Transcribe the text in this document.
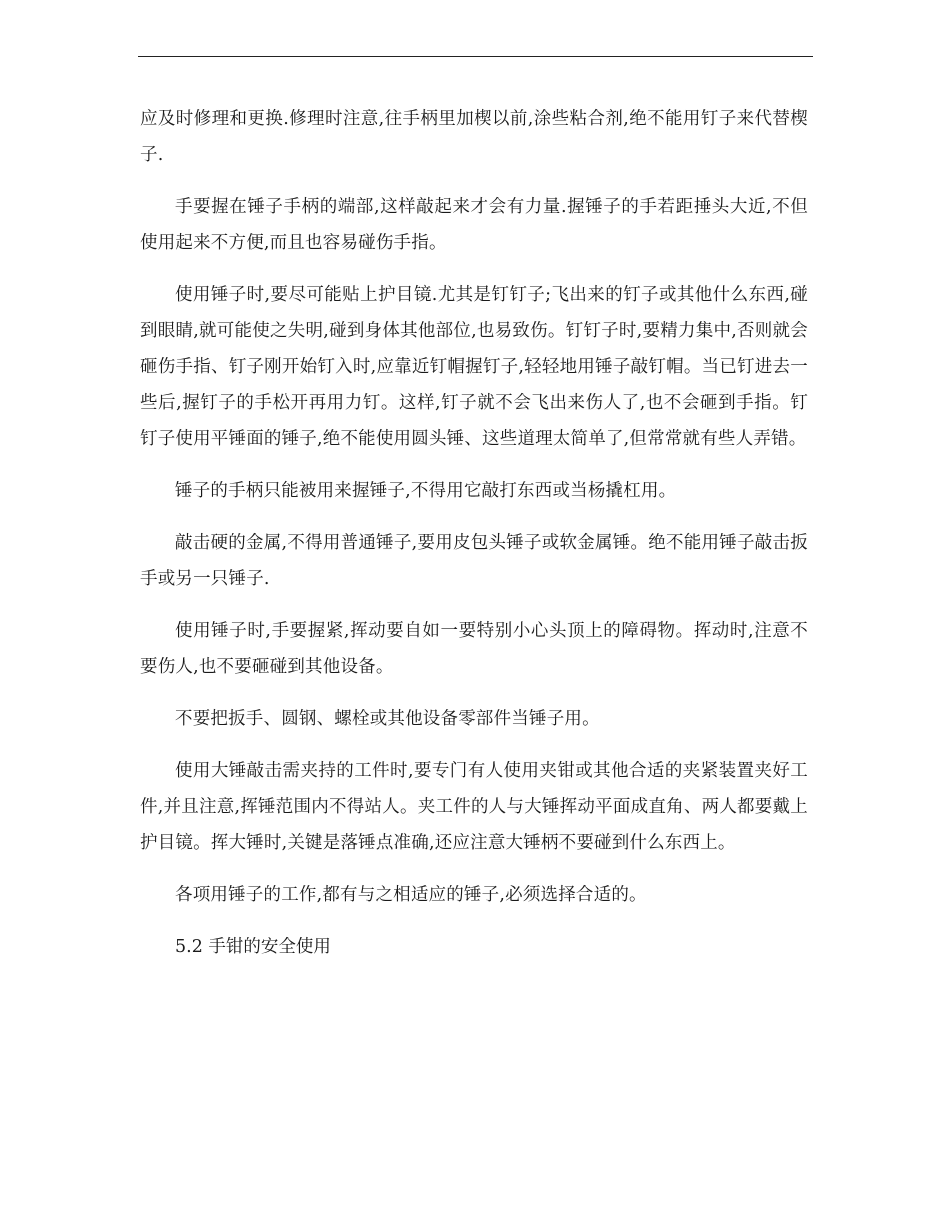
应及时修理和更换.修理时注意,往手柄里加楔以前,涂些粘合剂,绝不能用钉子来代替楔子.

手要握在锤子手柄的端部,这样敲起来才会有力量.握锤子的手若距捶头大近,不但使用起来不方便,而且也容易碰伤手指。

使用锤子时,要尽可能贴上护目镜.尤其是钉钉子;飞出来的钉子或其他什么东西,碰到眼睛,就可能使之失明,碰到身体其他部位,也易致伤。钉钉子时,要精力集中,否则就会砸伤手指、钉子刚开始钉入时,应靠近钉帽握钉子,轻轻地用锤子敲钉帽。当已钉进去一些后,握钉子的手松开再用力钉。这样,钉子就不会飞出来伤人了,也不会砸到手指。钉钉子使用平锤面的锤子,绝不能使用圆头锤、这些道理太简单了,但常常就有些人弄错。

锤子的手柄只能被用来握锤子,不得用它敲打东西或当杨撬杠用。

敲击硬的金属,不得用普通锤子,要用皮包头锤子或软金属锤。绝不能用锤子敲击扳手或另一只锤子.

使用锤子时,手要握紧,挥动要自如一要特别小心头顶上的障碍物。挥动时,注意不要伤人,也不要砸碰到其他设备。

不要把扳手、圆钢、螺栓或其他设备零部件当锤子用。

使用大锤敲击需夹持的工件时,要专门有人使用夹钳或其他合适的夹紧装置夹好工件,并且注意,挥锤范围内不得站人。夹工件的人与大锤挥动平面成直角、两人都要戴上护目镜。挥大锤时,关键是落锤点准确,还应注意大锤柄不要碰到什么东西上。

各项用锤子的工作,都有与之相适应的锤子,必须选择合适的。

5.2 手钳的安全使用
